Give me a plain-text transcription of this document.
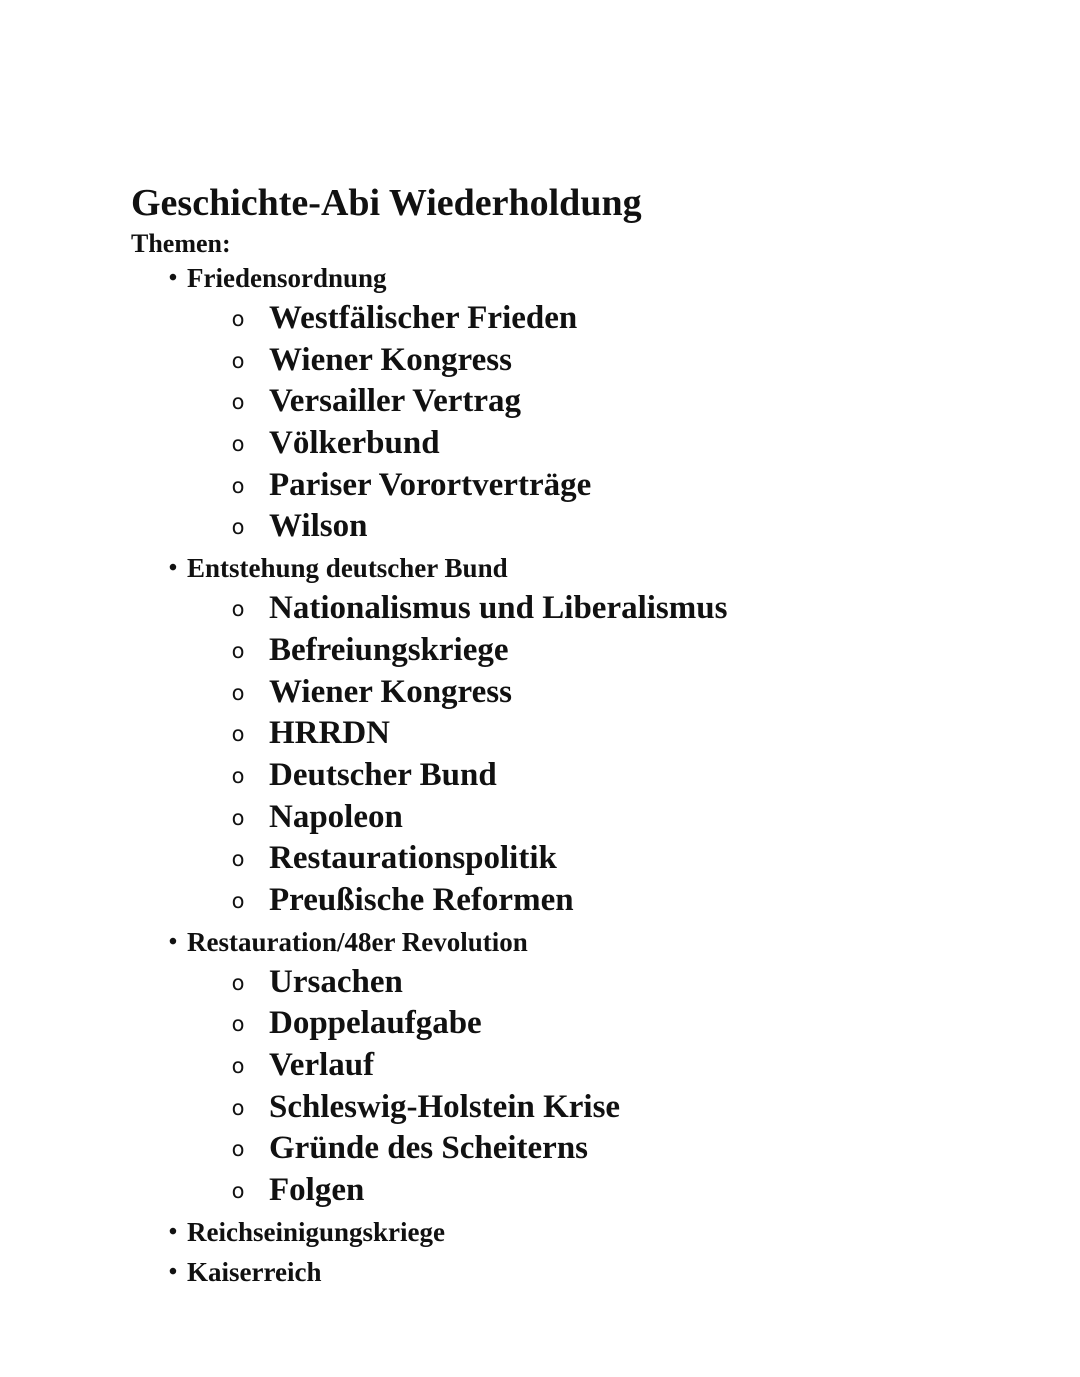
Geschichte-Abi Wiederholdung
Themen:
• Friedensordnung
o Westfälischer Frieden
o Wiener Kongress
o Versailler Vertrag
o Völkerbund
o Pariser Vorortverträge
o Wilson
• Entstehung deutscher Bund
o Nationalismus und Liberalismus
o Befreiungskriege
o Wiener Kongress
o HRRDN
o Deutscher Bund
o Napoleon
o Restaurationspolitik
o Preußische Reformen
• Restauration/48er Revolution
o Ursachen
o Doppelaufgabe
o Verlauf
o Schleswig-Holstein Krise
o Gründe des Scheiterns
o Folgen
• Reichseinigungskriege
• Kaiserreich
